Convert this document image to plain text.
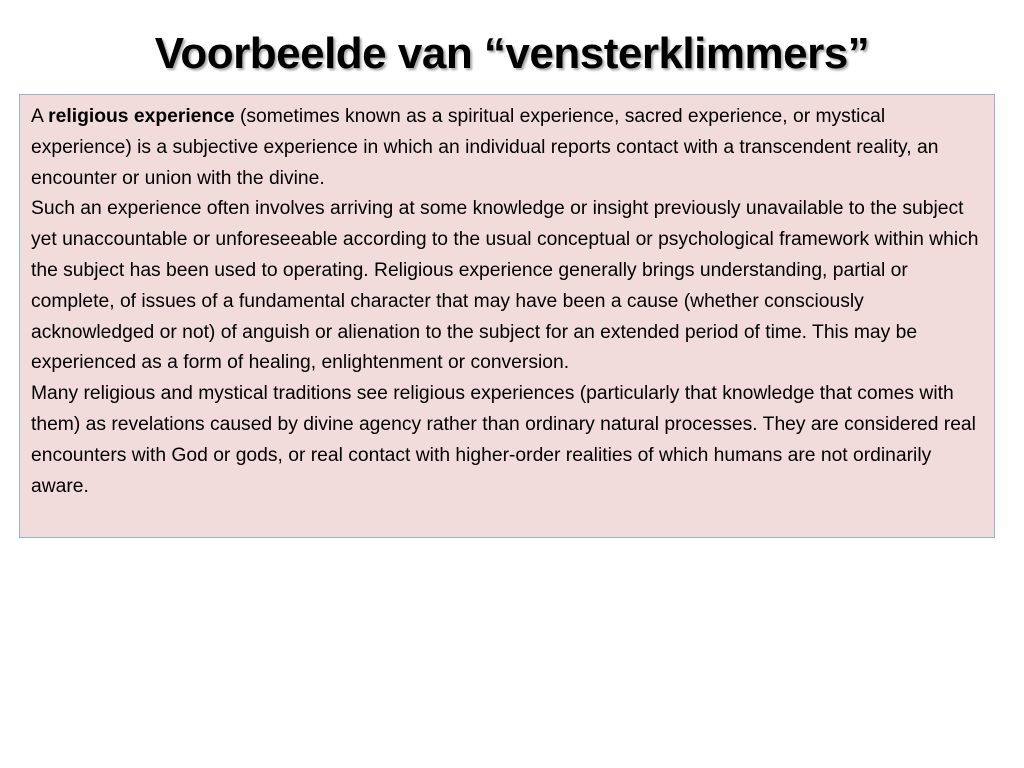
Voorbeelde van “vensterklimmers”

A religious experience (sometimes known as a spiritual experience, sacred experience, or mystical experience) is a subjective experience in which an individual reports contact with a transcendent reality, an encounter or union with the divine.

Such an experience often involves arriving at some knowledge or insight previously unavailable to the subject yet unaccountable or unforeseeable according to the usual conceptual or psychological framework within which the subject has been used to operating. Religious experience generally brings understanding, partial or complete, of issues of a fundamental character that may have been a cause (whether consciously acknowledged or not) of anguish or alienation to the subject for an extended period of time. This may be experienced as a form of healing, enlightenment or conversion.

Many religious and mystical traditions see religious experiences (particularly that knowledge that comes with them) as revelations caused by divine agency rather than ordinary natural processes. They are considered real encounters with God or gods, or real contact with higher-order realities of which humans are not ordinarily aware.
